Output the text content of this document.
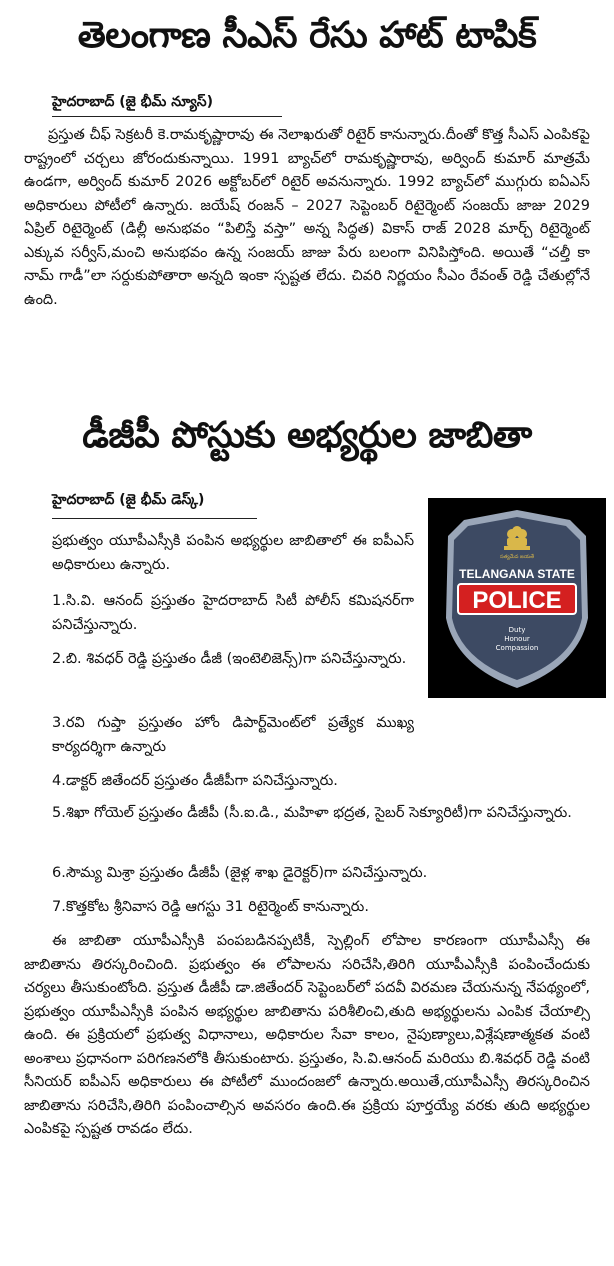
తెలంగాణ సీఎస్ రేసు హాట్ టాపిక్
హైదరాబాద్ (జై భీమ్ న్యూస్)

ప్రస్తుత చీఫ్ సెక్రటరీ కె.రామకృష్ణారావు ఈ నెలాఖరుతో రిటైర్ కానున్నారు.దీంతో కొత్త సీఎస్ ఎంపికపై రాష్ట్రంలో చర్చలు జోరందుకున్నాయి. 1991 బ్యాచ్‌లో రామకృష్ణారావు, అర్వింద్ కుమార్ మాత్రమే ఉండగా, అర్వింద్ కుమార్ 2026 అక్టోబర్‌లో రిటైర్ అవనున్నారు. 1992 బ్యాచ్‌లో ముగ్గురు ఐఏఎస్ అధికారులు పోటీలో ఉన్నారు. జయేష్ రంజన్ – 2027 సెప్టెంబర్ రిటైర్మెంట్ సంజయ్ జాజు 2029 ఏప్రిల్ రిటైర్మెంట్ (డిల్లీ అనుభవం “పిలిస్తే వస్తా” అన్న సిద్ధత) వికాస్ రాజ్ 2028 మార్చ్ రిటైర్మెంట్ ఎక్కువ సర్వీస్,మంచి అనుభవం ఉన్న సంజయ్ జాజు పేరు బలంగా వినిపిస్తోంది. అయితే “చల్తీ కా నామ్ గాడీ”లా సర్దుకుపోతారా అన్నది ఇంకా స్పష్టత లేదు. చివరి నిర్ణయం సీఎం రేవంత్ రెడ్డి చేతుల్లోనే ఉంది.

డీజీపీ పోస్టుకు అభ్యర్థుల జాబితా
హైదరాబాద్ (జై భీమ్ డెస్క్)

ప్రభుత్వం యూపీఎస్సీకి పంపిన అభ్యర్థుల జాబితాలో ఈ ఐపీఎస్ అధికారులు ఉన్నారు.

1.సి.వి. ఆనంద్ ప్రస్తుతం హైదరాబాద్ సిటీ పోలీస్ కమిషనర్‌గా పనిచేస్తున్నారు.

2.బి. శివధర్ రెడ్డి ప్రస్తుతం డీజీ (ఇంటెలిజెన్స్)గా పనిచేస్తున్నారు.

3.రవి గుప్తా ప్రస్తుతం హోం డిపార్ట్‌మెంట్‌లో ప్రత్యేక ముఖ్య కార్యదర్శిగా ఉన్నారు

4.డాక్టర్ జితేందర్ ప్రస్తుతం డీజీపీగా పనిచేస్తున్నారు.

5.శిఖా గోయెల్ ప్రస్తుతం డీజీపీ (సీ.ఐ.డి., మహిళా భద్రత, సైబర్ సెక్యూరిటీ)గా పనిచేస్తున్నారు.

6.సౌమ్య మిశ్రా ప్రస్తుతం డీజీపీ (జైళ్ల శాఖ డైరెక్టర్)గా పనిచేస్తున్నారు.

7.కొత్తకోట శ్రీనివాస రెడ్డి ఆగస్టు 31 రిటైర్మెంట్ కానున్నారు.

ఈ జాబితా యూపీఎస్సీకి పంపబడినప్పటికీ, స్పెల్లింగ్ లోపాల కారణంగా యూపీఎస్సీ ఈ జాబితాను తిరస్కరించింది. ప్రభుత్వం ఈ లోపాలను సరిచేసి,తిరిగి యూపీఎస్సీకి పంపించేందుకు చర్యలు తీసుకుంటోంది. ప్రస్తుత డీజీపీ డా.జితేందర్ సెప్టెంబర్‌లో పదవీ విరమణ చేయనున్న నేపథ్యంలో, ప్రభుత్వం యూపీఎస్సీకి పంపిన అభ్యర్థుల జాబితాను పరిశీలించి,తుది అభ్యర్థులను ఎంపిక చేయాల్సి ఉంది. ఈ ప్రక్రియలో ప్రభుత్వ విధానాలు, అధికారుల సేవా కాలం, నైపుణ్యాలు,విశ్లేషణాత్మకత వంటి అంశాలు ప్రధానంగా పరిగణనలోకి తీసుకుంటారు. ప్రస్తుతం, సి.వి.ఆనంద్ మరియు బి.శివధర్ రెడ్డి వంటి సీనియర్ ఐపీఎస్ అధికారులు ఈ పోటీలో ముందంజలో ఉన్నారు.అయితే,యూపీఎస్సీ తిరస్కరించిన జాబితాను సరిచేసి,తిరిగి పంపించాల్సిన అవసరం ఉంది.ఈ ప్రక్రియ పూర్తయ్యే వరకు తుది అభ్యర్థుల ఎంపికపై స్పష్టత రావడం లేదు.

సత్యమేవ జయతే
TELANGANA STATE
POLICE
Duty
Honour
Compassion
